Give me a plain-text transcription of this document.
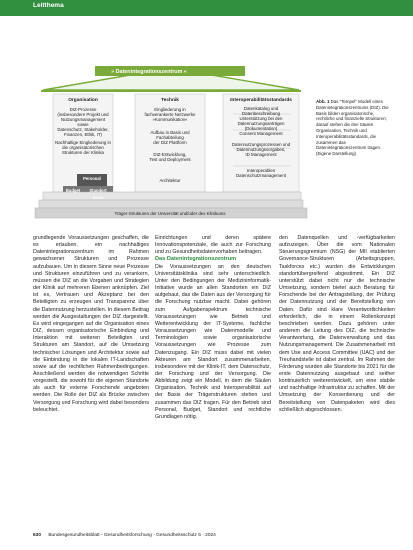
Leitthema
» Datenintegrationszentrum «
Organisation
DIZ-Prozesse
(insbesondere Projekt und
Nutzungsmanagement sowie
Datenschutz, Stakeholder,
Finanzen, Ethik, IT)
Nachhaltige Eingliederung in
die organisatorischen
Strukturen der Klinika
Technik
Eingliederung in
fachverankerte Netzwerke
»Kommunikation«
Aufbau in Basis und Fachabteilung
der DIZ Plattform
DIZ-Entwicklung,
Test und Deployment
Architektur
Interoperabilitätsstandards
Datenkatalog und Datenbeschreibung
Unterstützung bei den Datennutzungsanträgen
(Dokumentation)
Consent Management
Datennutzungsprozessen und
Datennutzungsvorgaben,
ID Management
Interoperables
Datenschutzmanagement
Personal
Budget	Standort
Recht
Träger-Strukturen der Universität und/oder des Klinikums
Abb. 1 Das "Tempel" Modell eines Datenintegrationszentrums (DIZ). Die Basis bilden organisatorische, rechtliche und finanzielle Strukturen; darauf stehen die drei Säulen Organisation, Technik und Interoperabilitätsstandards, die zusammen das Datenintegrationszentrum tragen. (Eigene Darstellung)

grundlegende Voraussetzungen geschaffen, die es erlauben, ein nachhaltiges Datenintegrationszentrum im Rahmen gewachsener Strukturen und Prozesse aufzubauen. Um in diesem Sinne neue Prozesse und Strukturen einzuführen und zu verankern, müssen die DIZ an die Vorgaben und Strategien der Klinik auf mehreren Ebenen anknüpfen. Ziel ist es, Vertrauen und Akzeptanz bei den Beteiligten zu erzeugen und Transparenz über die Datennutzung herzustellen. In diesem Beitrag werden die Ausgestaltungen der DIZ dargestellt. Es wird eingegangen auf die Organisation eines DIZ, dessen organisatorische Einbindung und Interaktion mit weiteren Beteiligten und Strukturen am Standort, auf die Umsetzung technischer Lösungen und Architektur sowie auf die Einbindung in die lokalen IT-Landschaften sowie auf die rechtlichen Rahmenbedingungen. Anschließend werden die notwendigen Schritte vorgestellt, die sowohl für die eigenen Standorte als auch für externe Forschende angeboten werden. Die Rolle der DIZ als Brücke zwischen Versorgung und Forschung wird dabei besonders beleuchtet.

Einrichtungen und deren spätere Innovationspotenziale, die auch zur Forschung und zu Gesundheitsdatenvorhaben beitragen.

Das Datenintegrationszentrum

Die Voraussetzungen an den deutschen Universitätsklinika sind sehr unterschiedlich. Unter den Bedingungen der Medizininformatik-Initiative wurde an allen Standorten ein DIZ aufgebaut, das die Daten aus der Versorgung für die Forschung nutzbar macht. Dabei gehören zum Aufgabenspektrum technische Voraussetzungen wie Betrieb und Weiterentwicklung der IT-Systeme, fachliche Voraussetzungen wie Datenmodelle und Terminologien sowie organisatorische Voraussetzungen wie Prozesse zum Datenzugang. Ein DIZ muss dabei mit vielen Akteuren am Standort zusammenarbeiten, insbesondere mit der Klinik-IT, dem Datenschutz, der Forschung und der Versorgung. Die Abbildung zeigt ein Modell, in dem die Säulen Organisation, Technik und Interoperabilität auf der Basis der Trägerstrukturen stehen und zusammen das DIZ tragen. Für den Betrieb sind Personal, Budget, Standort und rechtliche Grundlagen nötig.

den Datenquellen und -verfügbarkeiten aufzuzeigen. Über die vom Nationalen Steuerungsgremium (NSG) der MII etablierten Governance-Strukturen (Arbeitsgruppen, Taskforces etc.) wurden die Entwicklungen standortübergreifend abgestimmt. Ein DIZ unterstützt dabei nicht nur die technische Umsetzung, sondern bietet auch Beratung für Forschende bei der Antragstellung, der Prüfung der Datennutzung und der Bereitstellung von Daten. Dafür sind klare Verantwortlichkeiten erforderlich, die in einem Rollenkonzept beschrieben werden. Dazu gehören unter anderem die Leitung des DIZ, die technische Verantwortung, die Datenverwaltung und das Nutzungsmanagement. Die Zusammenarbeit mit dem Use and Access Committee (UAC) und der Treuhandstelle ist dabei zentral. Im Rahmen der Förderung wurden alle Standorte bis 2021 für die erste Datennutzung ausgebaut und seither kontinuierlich weiterentwickelt, um eine stabile und nachhaltige Infrastruktur zu schaffen. Mit der Umsetzung der Konsentierung und der Bereitstellung von Datenpaketen wird dies schließlich abgeschlossen.

630 Bundesgesundheitsblatt - Gesundheitsforschung - Gesundheitsschutz 6 · 2024
